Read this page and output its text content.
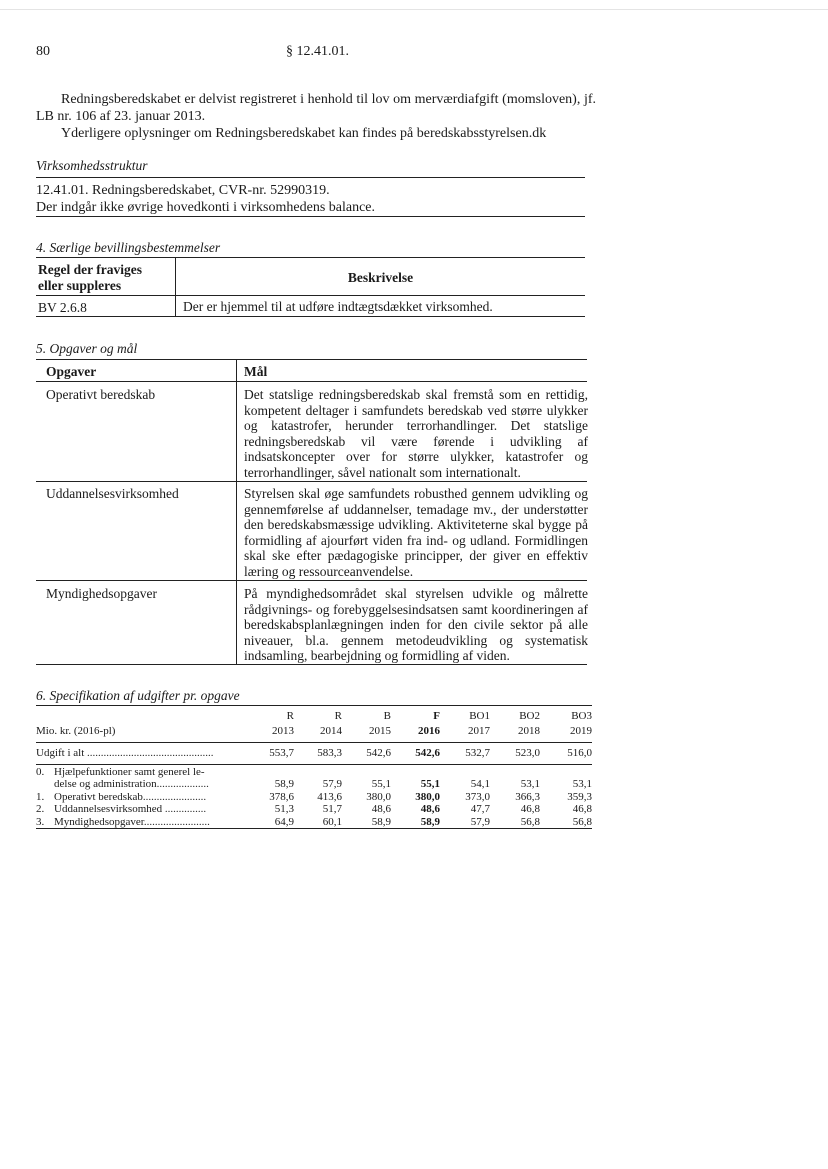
80	§ 12.41.01.
Redningsberedskabet er delvist registreret i henhold til lov om merværdiafgift (momsloven), jf. LB nr. 106 af 23. januar 2013.
Yderligere oplysninger om Redningsberedskabet kan findes på beredskabsstyrelsen.dk
Virksomhedsstruktur
12.41.01. Redningsberedskabet, CVR-nr. 52990319.
Der indgår ikke øvrige hovedkonti i virksomhedens balance.
4. Særlige bevillingsbestemmelser
Regel der fraviges eller suppleres	Beskrivelse
BV 2.6.8	Der er hjemmel til at udføre indtægtsdækket virksomhed.
5. Opgaver og mål
Opgaver	Mål
Operativt beredskab	Det statslige redningsberedskab skal fremstå som en rettidig, kompetent deltager i samfundets beredskab ved større ulykker og katastrofer, herunder terrorhandlinger. Det statslige redningsberedskab vil være førende i udvikling af indsatskoncepter over for større ulykker, katastrofer og terrorhandlinger, såvel nationalt som internationalt.
Uddannelsesvirksomhed	Styrelsen skal øge samfundets robusthed gennem udvikling og gennemførelse af uddannelser, temadage mv., der understøtter den beredskabsmæssige udvikling. Aktiviteterne skal bygge på formidling af ajourført viden fra ind- og udland. Formidlingen skal ske efter pædagogiske principper, der giver en effektiv læring og ressourceanvendelse.
Myndighedsopgaver	På myndighedsområdet skal styrelsen udvikle og målrette rådgivnings- og forebyggelsesindsatsen samt koordineringen af beredskabsplanlægningen inden for den civile sektor på alle niveauer, bl.a. gennem metodeudvikling og systematisk indsamling, bearbejdning og formidling af viden.
6. Specifikation af udgifter pr. opgave
	R	R	B	F	BO1	BO2	BO3
Mio. kr. (2016-pl)	2013	2014	2015	2016	2017	2018	2019

Udgift i alt ..............................................	553,7	583,3	542,6	542,6	532,7	523,0	516,0

0. Hjælpefunktioner samt generel le-							
delse og administration...................	58,9	57,9	55,1	55,1	54,1	53,1	53,1
1. Operativt beredskab.......................	378,6	413,6	380,0	380,0	373,0	366,3	359,3
2. Uddannelsesvirksomhed ...............	51,3	51,7	48,6	48,6	47,7	46,8	46,8
3. Myndighedsopgaver........................	64,9	60,1	58,9	58,9	57,9	56,8	56,8
